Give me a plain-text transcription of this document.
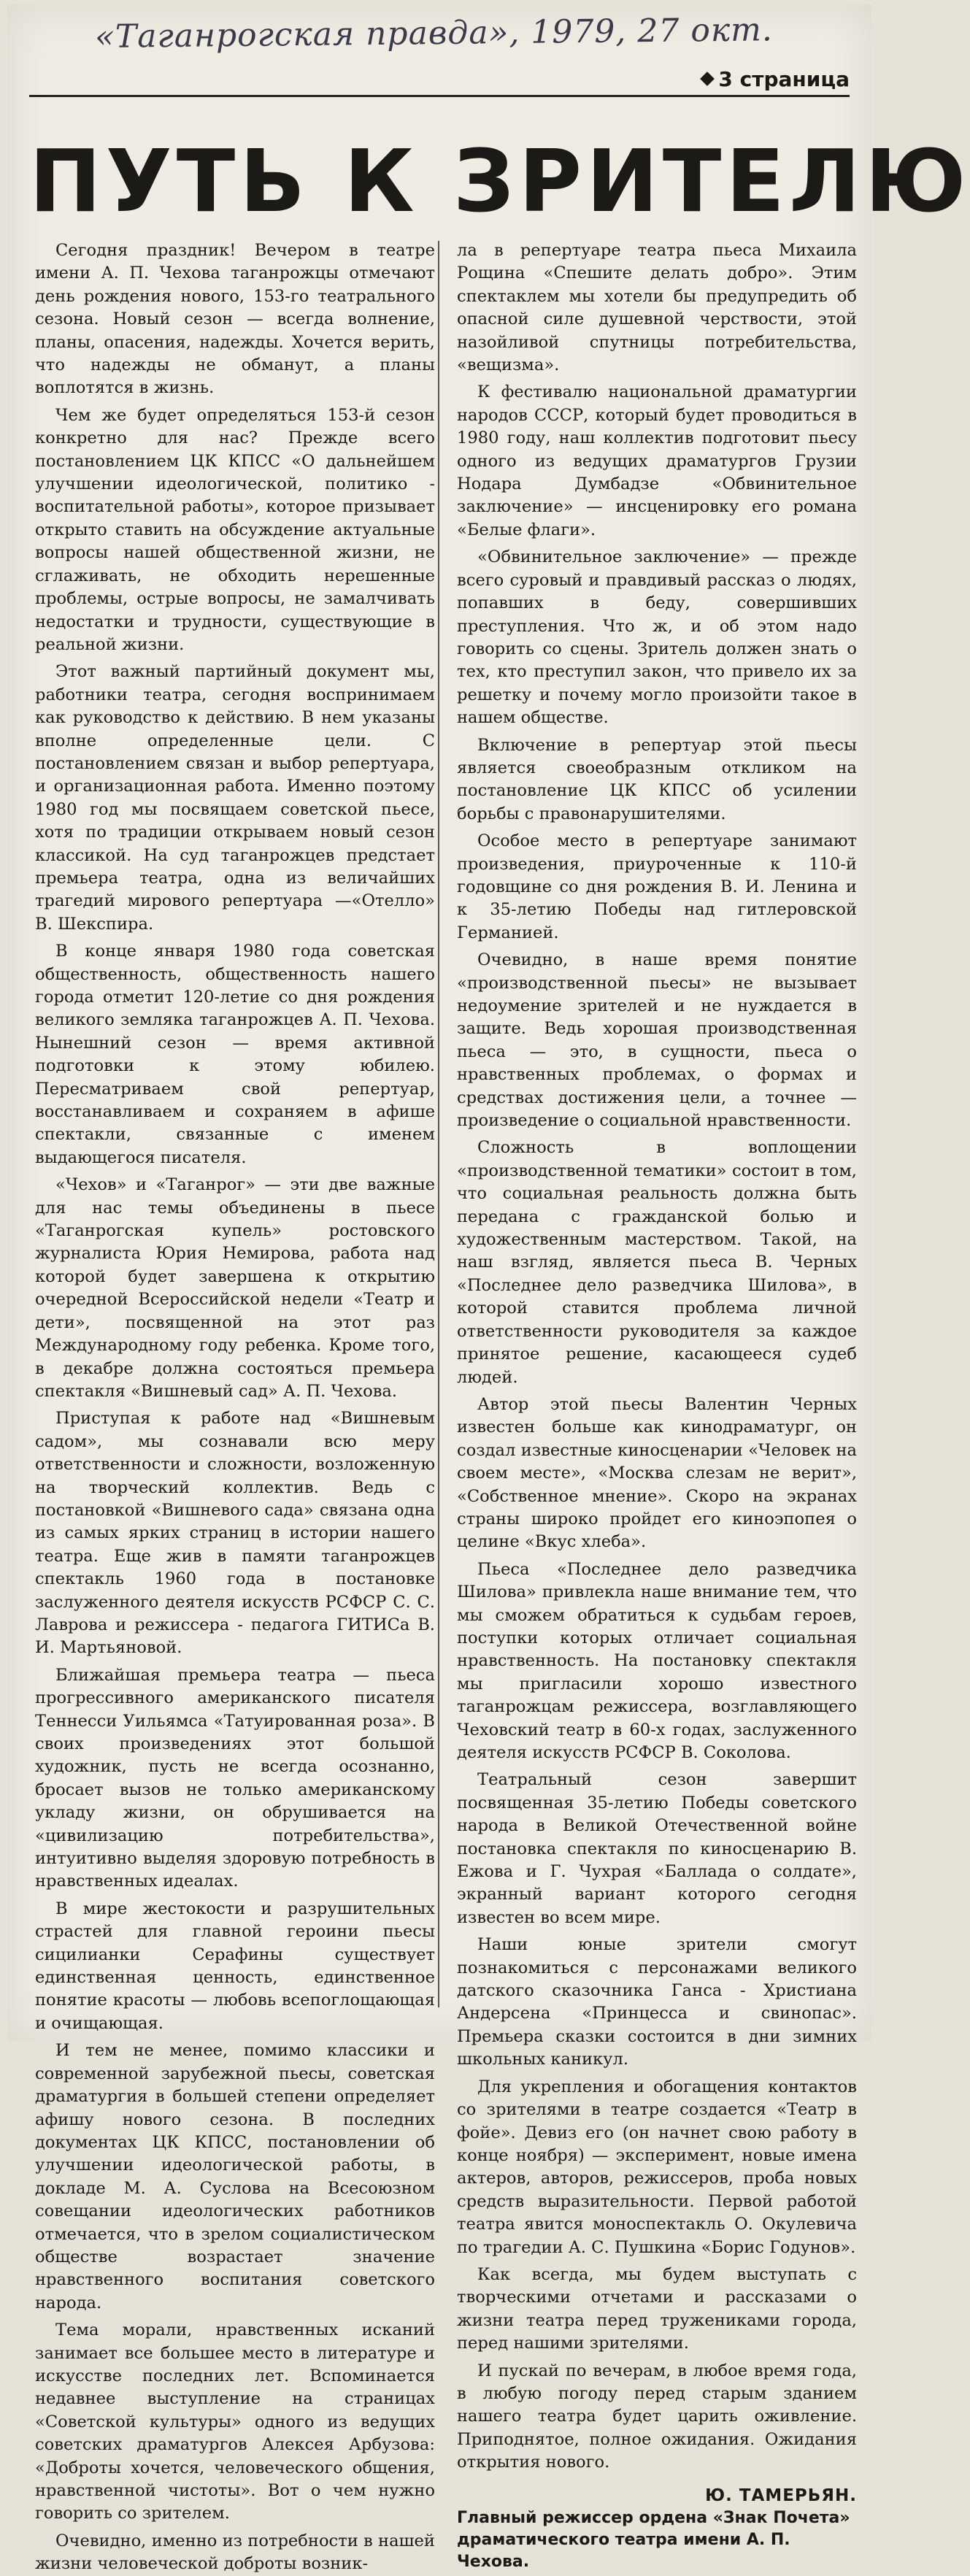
«Таганрогская правда», 1979, 27 окт.
3 страница
ПУТЬ К ЗРИТЕЛЮ

Сегодня праздник! Вечером в театре имени А. П. Чехова таганрожцы отмечают день рождения нового, 153-го театрального сезона. Новый сезон — всегда волнение, планы, опасения, надежды. Хочется верить, что надежды не обманут, а планы воплотятся в жизнь.

Чем же будет определяться 153-й сезон конкретно для нас? Прежде всего постановлением ЦК КПСС «О дальнейшем улучшении идеологической, политико - воспитательной работы», которое призывает открыто ставить на обсуждение актуальные вопросы нашей общественной жизни, не сглаживать, не обходить нерешенные проблемы, острые вопросы, не замалчивать недостатки и трудности, существующие в реальной жизни.

Этот важный партийный документ мы, работники театра, сегодня воспринимаем как руководство к действию. В нем указаны вполне определенные цели. С постановлением связан и выбор репертуара, и организационная работа. Именно поэтому 1980 год мы посвящаем советской пьесе, хотя по традиции открываем новый сезон классикой. На суд таганрожцев предстает премьера театра, одна из величайших трагедий мирового репертуара —«Отелло» В. Шекспира.

В конце января 1980 года советская общественность, общественность нашего города отметит 120-летие со дня рождения великого земляка таганрожцев А. П. Чехова. Нынешний сезон — время активной подготовки к этому юбилею. Пересматриваем свой репертуар, восстанавливаем и сохраняем в афише спектакли, связанные с именем выдающегося писателя.

«Чехов» и «Таганрог» — эти две важные для нас темы объединены в пьесе «Таганрогская купель» ростовского журналиста Юрия Немирова, работа над которой будет завершена к открытию очередной Всероссийской недели «Театр и дети», посвященной на этот раз Международному году ребенка. Кроме того, в декабре должна состояться премьера спектакля «Вишневый сад» А. П. Чехова.

Приступая к работе над «Вишневым садом», мы сознавали всю меру ответственности и сложности, возложенную на творческий коллектив. Ведь с постановкой «Вишневого сада» связана одна из самых ярких страниц в истории нашего театра. Еще жив в памяти таганрожцев спектакль 1960 года в постановке заслуженного деятеля искусств РСФСР С. С. Лаврова и режиссера - педагога ГИТИСа В. И. Мартьяновой.

Ближайшая премьера театра — пьеса прогрессивного американского писателя Теннесси Уильямса «Татуированная роза». В своих произведениях этот большой художник, пусть не всегда осознанно, бросает вызов не только американскому укладу жизни, он обрушивается на «цивилизацию потребительства», интуитивно выделяя здоровую потребность в нравственных идеалах.

В мире жестокости и разрушительных страстей для главной героини пьесы сицилианки Серафины существует единственная ценность, единственное понятие красоты — любовь всепоглощающая и очищающая.

И тем не менее, помимо классики и современной зарубежной пьесы, советская драматургия в большей степени определяет афишу нового сезона. В последних документах ЦК КПСС, постановлении об улучшении идеологической работы, в докладе М. А. Суслова на Всесоюзном совещании идеологических работников отмечается, что в зрелом социалистическом обществе возрастает значение нравственного воспитания советского народа.

Тема морали, нравственных исканий занимает все большее место в литературе и искусстве последних лет. Вспоминается недавнее выступление на страницах «Советской культуры» одного из ведущих советских драматургов Алексея Арбузова: «Доброты хочется, человеческого общения, нравственной чистоты». Вот о чем нужно говорить со зрителем.

Очевидно, именно из потребности в нашей жизни человеческой доброты возник-

ла в репертуаре театра пьеса Михаила Рощина «Спешите делать добро». Этим спектаклем мы хотели бы предупредить об опасной силе душевной черствости, этой назойливой спутницы потребительства, «вещизма».

К фестивалю национальной драматургии народов СССР, который будет проводиться в 1980 году, наш коллектив подготовит пьесу одного из ведущих драматургов Грузии Нодара Думбадзе «Обвинительное заключение» — инсценировку его романа «Белые флаги».

«Обвинительное заключение» — прежде всего суровый и правдивый рассказ о людях, попавших в беду, совершивших преступления. Что ж, и об этом надо говорить со сцены. Зритель должен знать о тех, кто преступил закон, что привело их за решетку и почему могло произойти такое в нашем обществе.

Включение в репертуар этой пьесы является своеобразным откликом на постановление ЦК КПСС об усилении борьбы с правонарушителями.

Особое место в репертуаре занимают произведения, приуроченные к 110-й годовщине со дня рождения В. И. Ленина и к 35-летию Победы над гитлеровской Германией.

Очевидно, в наше время понятие «производственной пьесы» не вызывает недоумение зрителей и не нуждается в защите. Ведь хорошая производственная пьеса — это, в сущности, пьеса о нравственных проблемах, о формах и средствах достижения цели, а точнее — произведение о социальной нравственности.

Сложность в воплощении «производственной тематики» состоит в том, что социальная реальность должна быть передана с гражданской болью и художественным мастерством. Такой, на наш взгляд, является пьеса В. Черных «Последнее дело разведчика Шилова», в которой ставится проблема личной ответственности руководителя за каждое принятое решение, касающееся судеб людей.

Автор этой пьесы Валентин Черных известен больше как кинодраматург, он создал известные киносценарии «Человек на своем месте», «Москва слезам не верит», «Собственное мнение». Скоро на экранах страны широко пройдет его киноэпопея о целине «Вкус хлеба».

Пьеса «Последнее дело разведчика Шилова» привлекла наше внимание тем, что мы сможем обратиться к судьбам героев, поступки которых отличает социальная нравственность. На постановку спектакля мы пригласили хорошо известного таганрожцам режиссера, возглавляющего Чеховский театр в 60-х годах, заслуженного деятеля искусств РСФСР В. Соколова.

Театральный сезон завершит посвященная 35-летию Победы советского народа в Великой Отечественной войне постановка спектакля по киносценарию В. Ежова и Г. Чухрая «Баллада о солдате», экранный вариант которого сегодня известен во всем мире.

Наши юные зрители смогут познакомиться с персонажами великого датского сказочника Ганса - Христиана Андерсена «Принцесса и свинопас». Премьера сказки состоится в дни зимних школьных каникул.

Для укрепления и обогащения контактов со зрителями в театре создается «Театр в фойе». Девиз его (он начнет свою работу в конце ноября) — эксперимент, новые имена актеров, авторов, режиссеров, проба новых средств выразительности. Первой работой театра явится моноспектакль О. Окулевича по трагедии А. С. Пушкина «Борис Годунов».

Как всегда, мы будем выступать с творческими отчетами и рассказами о жизни театра перед тружениками города, перед нашими зрителями.

И пускай по вечерам, в любое время года, в любую погоду перед старым зданием нашего театра будет царить оживление. Приподнятое, полное ожидания. Ожидания открытия нового.

Ю. ТАМЕРЬЯН.
Главный режиссер ордена «Знак Почета» драматического театра имени А. П. Чехова.
